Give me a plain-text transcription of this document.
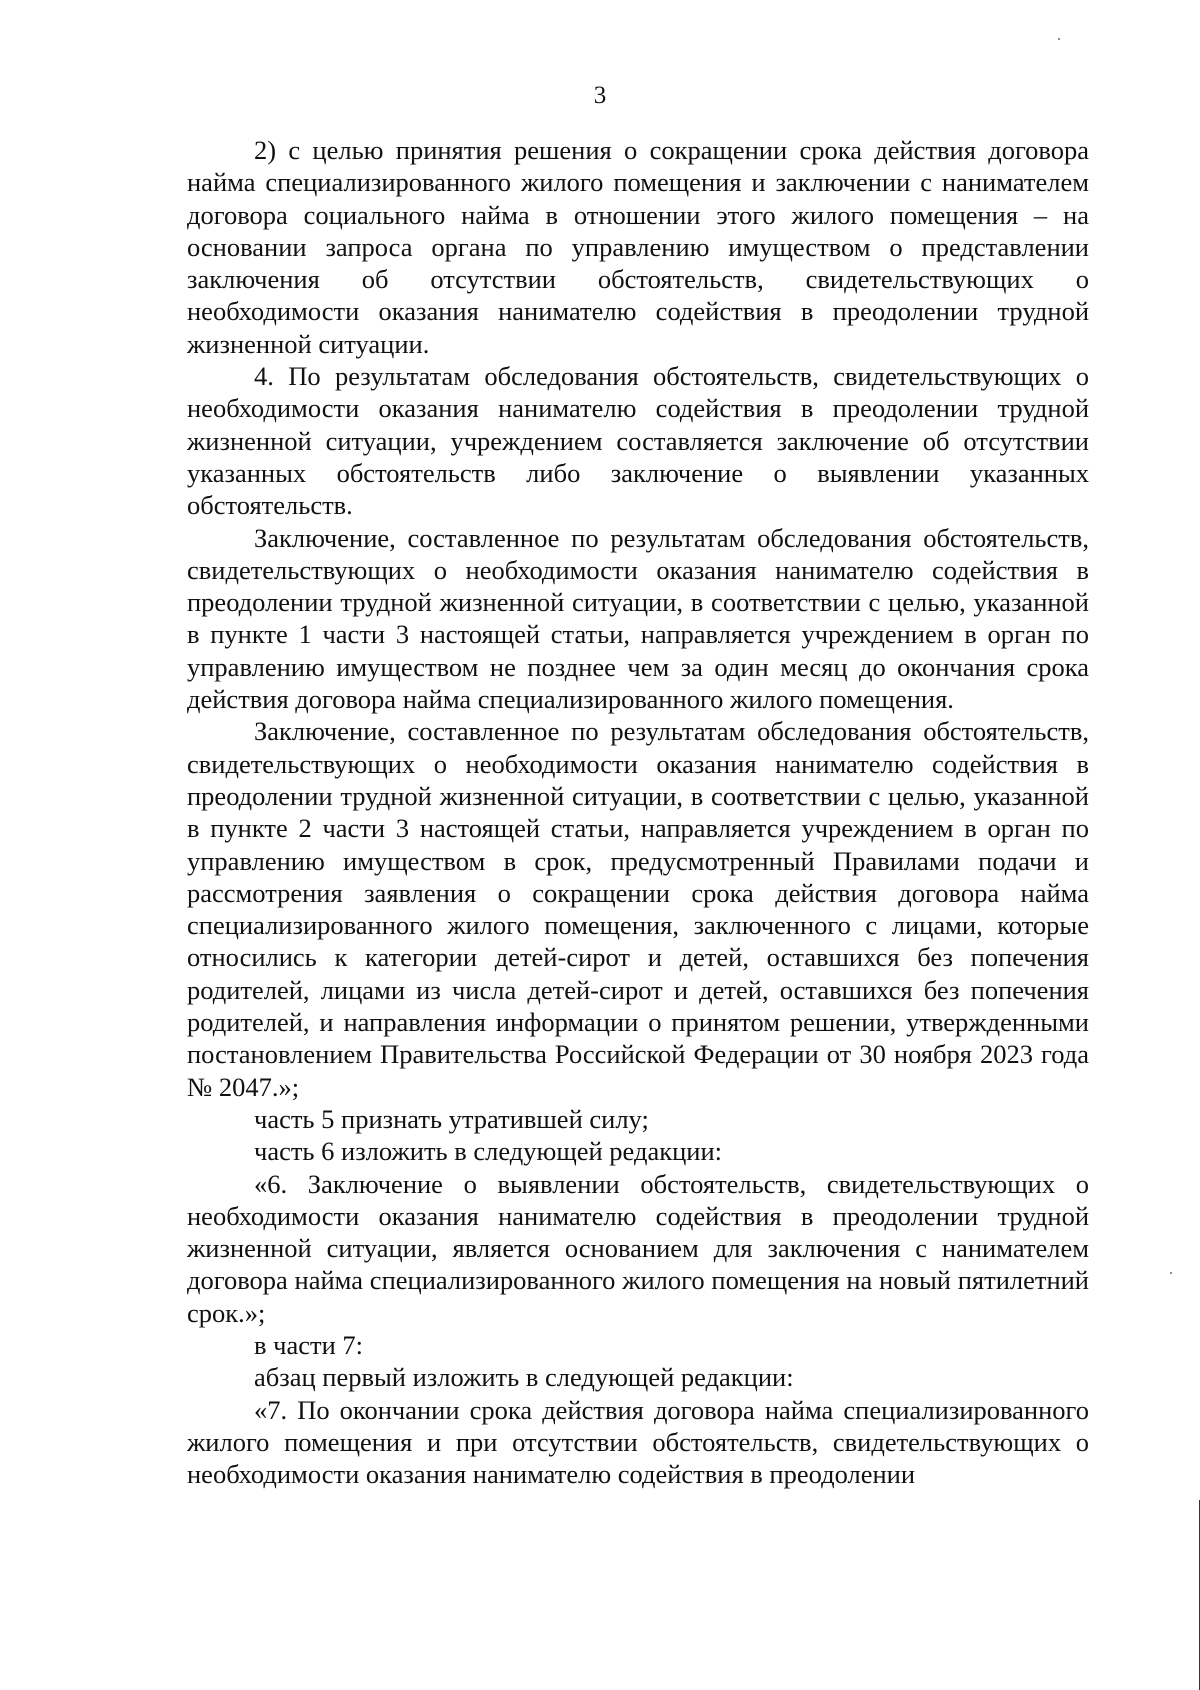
3

2) с целью принятия решения о сокращении срока действия договора найма специализированного жилого помещения и заключении с нанимателем договора социального найма в отношении этого жилого помещения – на основании запроса органа по управлению имуществом о представлении заключения об отсутствии обстоятельств, свидетельствующих о необходимости оказания нанимателю содействия в преодолении трудной жизненной ситуации.

4. По результатам обследования обстоятельств, свидетельствующих о необходимости оказания нанимателю содействия в преодолении трудной жизненной ситуации, учреждением составляется заключение об отсутствии указанных обстоятельств либо заключение о выявлении указанных обстоятельств.

Заключение, составленное по результатам обследования обстоятельств, свидетельствующих о необходимости оказания нанимателю содействия в преодолении трудной жизненной ситуации, в соответствии с целью, указанной в пункте 1 части 3 настоящей статьи, направляется учреждением в орган по управлению имуществом не позднее чем за один месяц до окончания срока действия договора найма специализированного жилого помещения.

Заключение, составленное по результатам обследования обстоятельств, свидетельствующих о необходимости оказания нанимателю содействия в преодолении трудной жизненной ситуации, в соответствии с целью, указанной в пункте 2 части 3 настоящей статьи, направляется учреждением в орган по управлению имуществом в срок, предусмотренный Правилами подачи и рассмотрения заявления о сокращении срока действия договора найма специализированного жилого помещения, заключенного с лицами, которые относились к категории детей-сирот и детей, оставшихся без попечения родителей, лицами из числа детей-сирот и детей, оставшихся без попечения родителей, и направления информации о принятом решении, утвержденными постановлением Правительства Российской Федерации от 30 ноября 2023 года № 2047.»;

часть 5 признать утратившей силу;

часть 6 изложить в следующей редакции:

«6. Заключение о выявлении обстоятельств, свидетельствующих о необходимости оказания нанимателю содействия в преодолении трудной жизненной ситуации, является основанием для заключения с нанимателем договора найма специализированного жилого помещения на новый пятилетний срок.»;

в части 7:

абзац первый изложить в следующей редакции:

«7. По окончании срока действия договора найма специализированного жилого помещения и при отсутствии обстоятельств, свидетельствующих о необходимости оказания нанимателю содействия в преодолении
